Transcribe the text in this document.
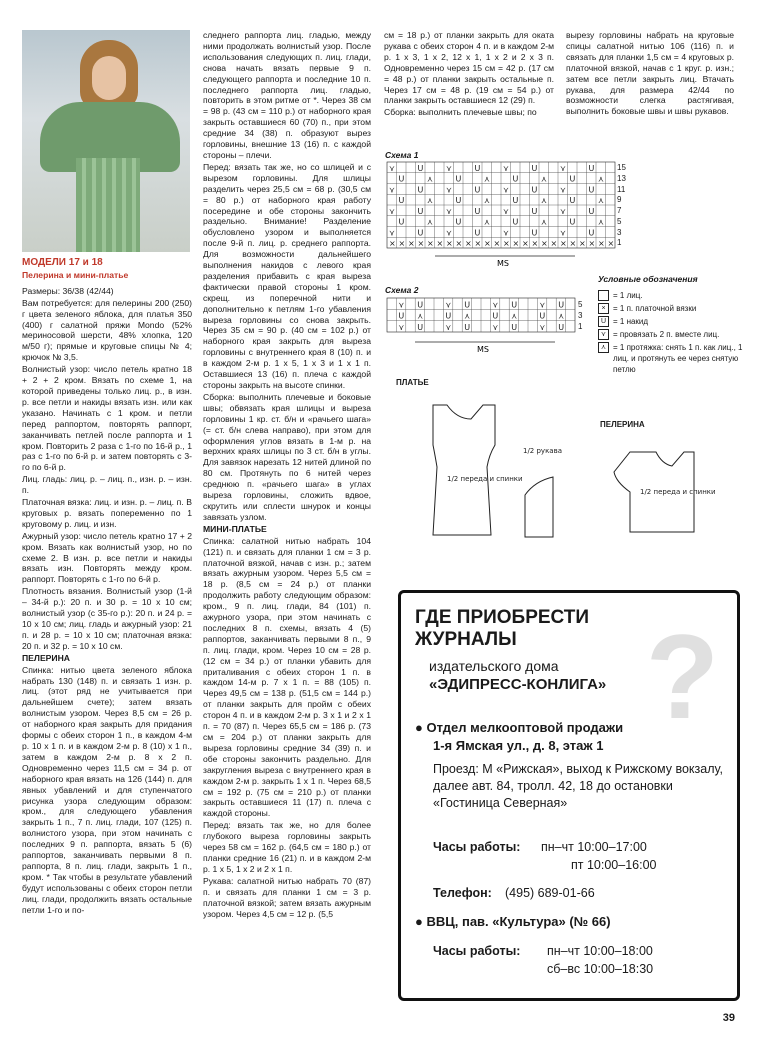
МОДЕЛИ 17 и 18

Пелерина и мини-платье

Размеры: 36/38 (42/44)

Вам потребуется: для пелерины 200 (250) г цвета зеленого яблока, для платья 350 (400) г салатной пряжи Mondo (52% мериносовой шерсти, 48% хлопка, 120 м/50 г); прямые и круговые спицы № 4; крючок № 3,5.

Волнистый узор: число петель кратно 18 + 2 + 2 кром. Вязать по схеме 1, на которой приведены только лиц. р., в изн. р. все петли и накиды вязать изн. или как указано. Начинать с 1 кром. и петли перед раппортом, повторять раппорт, заканчивать петлей после раппорта и 1 кром. Повторить 2 раза с 1-го по 16-й р., 1 раз с 1-го по 6-й р. и затем повторять с 3-го по 6-й р.

Лиц. гладь: лиц. р. – лиц. п., изн. р. – изн. п.

Платочная вязка: лиц. и изн. р. – лиц. п. В круговых р. вязать попеременно по 1 круговому р. лиц. и изн.

Ажурный узор: число петель кратно 17 + 2 кром. Вязать как волнистый узор, но по схеме 2. В изн. р. все петли и накиды вязать изн. Повторять между кром. раппорт. Повторять с 1-го по 6-й р.

Плотность вязания. Волнистый узор (1-й – 34-й р.): 20 п. и 30 р. = 10 х 10 см; волнистый узор (с 35-го р.): 20 п. и 24 р. = 10 х 10 см; лиц. гладь и ажурный узор: 21 п. и 28 р. = 10 х 10 см; платочная вязка: 20 п. и 32 р. = 10 х 10 см.

ПЕЛЕРИНА

Спинка: нитью цвета зеленого яблока набрать 130 (148) п. и связать 1 изн. р. лиц. (этот ряд не учитывается при дальнейшем счете); затем вязать волнистым узором. Через 8,5 см = 26 р. от наборного края закрыть для придания формы с обеих сторон 1 п., в каждом 4-м р. 10 х 1 п. и в каждом 2-м р. 8 (10) х 1 п., затем в каждом 2-м р. 8 х 2 п. Одновременно через 11,5 см = 34 р. от наборного края вязать на 126 (144) п. для явных убавлений и для ступенчатого рисунка узора следующим образом: кром., для следующего убавления закрыть 1 п., 7 п. лиц. глади, 107 (125) п. волнистого узора, при этом начинать с последних 9 п. раппорта, вязать 5 (6) раппортов, заканчивать первыми 8 п. раппорта, 8 п. лиц. глади, закрыть 1 п., кром. * Так чтобы в результате убавлений будут использованы с обеих сторон петли лиц. глади, продолжить вязать остальные петли 1-го и по-

следнего раппорта лиц. гладью, между ними продолжать волнистый узор. После использования следующих п. лиц. глади, снова начать вязать первые 9 п. следующего раппорта и последние 10 п. последнего раппорта лиц. гладью, повторить в этом ритме от *. Через 38 см = 98 р. (43 см = 110 р.) от наборного края закрыть оставшиеся 60 (70) п., при этом средние 34 (38) п. образуют вырез горловины, внешние 13 (16) п. с каждой стороны – плечи.

Перед: вязать так же, но со шлицей и с вырезом горловины. Для шлицы разделить через 25,5 см = 68 р. (30,5 см = 80 р.) от наборного края работу посередине и обе стороны закончить раздельно. Внимание! Разделение обусловлено узором и выполняется после 9-й п. лиц. р. среднего раппорта. Для возможности дальнейшего выполнения накидов с левого края разделения прибавить с края выреза фактически правой стороны 1 кром. скрещ. из поперечной нити и дополнительно к петлям 1-го убавления выреза горловины со снова закрыть. Через 35 см = 90 р. (40 см = 102 р.) от наборного края закрыть для выреза горловины с внутреннего края 8 (10) п. и в каждом 2-м р. 1 х 5, 1 х 3 и 1 х 1 п. Оставшиеся 13 (16) п. плеча с каждой стороны закрыть на высоте спинки.

Сборка: выполнить плечевые и боковые швы; обвязать края шлицы и выреза горловины 1 кр. ст. б/н и «рачьего шага» (= ст. б/н слева направо), при этом для оформления углов вязать в 1-м р. на верхних краях шлицы по 3 ст. б/н в углы. Для завязок нарезать 12 нитей длиной по 80 см. Протянуть по 6 нитей через среднюю п. «рачьего шага» в углах выреза горловины, сложить вдвое, скрутить или сплести шнурок и концы завязать узлом.

МИНИ-ПЛАТЬЕ

Спинка: салатной нитью набрать 104 (121) п. и связать для планки 1 см = 3 р. платочной вязкой, начав с изн. р.; затем вязать ажурным узором. Через 5,5 см = 18 р. (8,5 см = 24 р.) от планки продолжить работу следующим образом: кром., 9 п. лиц. глади, 84 (101) п. ажурного узора, при этом начинать с последних 8 п. схемы, вязать 4 (5) раппортов, заканчивать первыми 8 п., 9 п. лиц. глади, кром. Через 10 см = 28 р. (12 см = 34 р.) от планки убавить для приталивания с обеих сторон 1 п. в каждом 14-м р. 7 х 1 п. = 88 (105) п. Через 49,5 см = 138 р. (51,5 см = 144 р.) от планки закрыть для пройм с обеих сторон 4 п. и в каждом 2-м р. 3 х 1 и 2 х 1 п. = 70 (87) п. Через 65,5 см = 186 р. (73 см = 204 р.) от планки закрыть для выреза горловины средние 34 (39) п. и обе стороны закончить раздельно. Для закругления выреза с внутреннего края в каждом 2-м р. закрыть 1 х 1 п. Через 68,5 см = 192 р. (75 см = 210 р.) от планки закрыть оставшиеся 11 (17) п. плеча с каждой стороны.

Перед: вязать так же, но для более глубокого выреза горловины закрыть через 58 см = 162 р. (64,5 см = 180 р.) от планки средние 16 (21) п. и в каждом 2-м р. 1 х 5, 1 х 2 и 2 х 1 п.

Рукава: салатной нитью набрать 70 (87) п. и связать для планки 1 см = 3 р. платочной вязкой; затем вязать ажурным узором. Через 4,5 см = 12 р. (5,5

см = 18 р.) от планки закрыть для оката рукава с обеих сторон 4 п. и в каждом 2-м р. 1 х 3, 1 х 2, 12 х 1, 1 х 2 и 2 х 3 п. Одновременно через 15 см = 42 р. (17 см = 48 р.) от планки закрыть остальные п. Через 17 см = 48 р. (19 см = 54 р.) от планки закрыть оставшиеся 12 (29) п.

Сборка: выполнить плечевые швы; по

вырезу горловины набрать на круговые спицы салатной нитью 106 (116) п. и связать для планки 1,5 см = 4 круговых р. платочной вязкой, начав с 1 круг. р. изн.; затем все петли закрыть лиц. Втачать рукава, для размера 42/44 по возможности слегка растягивая, выполнить боковые швы и швы рукавов.

Схема 1
⋎	U	⋎	U	⋎	U	⋎	U
U	⋏	U	⋏	U	⋏	U	⋏
⋎	U	⋎	U	⋎	U	⋎	U
U	⋏	U	⋏	U	⋏	U	⋏
⋎	U	⋎	U	⋎	U	⋎	U
U	⋏	U	⋏	U	⋏	U	⋏
⋎	U	⋎	U	⋎	U	⋎	U
× × × × × × × × × × × × × × × × × × × × × × × ×
MS
15
13
11
9
7
5
3
1
Схема 2
⋎ U	⋎ U	⋎ U	⋎ U
U ⋏	U ⋏	U ⋏	U ⋏
⋎ U	⋎ U	⋎ U	⋎ U
MS
5
3
1
Условные обозначения
= 1 лиц.
× = 1 п. платочной вязки
U = 1 накид
⋎ = провязать 2 п. вместе лиц.
⋏ = 1 протяжка: снять 1 п. как лиц., 1 лиц. и протянуть ее через снятую петлю
ПЛАТЬЕ
1/2 переда и спинки
1/2 рукава
ПЕЛЕРИНА
1/2 переда и спинки
?
ГДЕ ПРИОБРЕСТИ
ЖУРНАЛЫ
издательского дома
«ЭДИПРЕСС-КОНЛИГА»
● Отдел мелкооптовой продажи
1-я Ямская ул., д. 8, этаж 1
Проезд: М «Рижская», выход к Рижскому вокзалу, далее авт. 84, тролл. 42, 18 до остановки «Гостиница Северная»
Часы работы: пн–чт 10:00–17:00
пт 10:00–16:00
Телефон: (495) 689-01-66
● ВВЦ, пав. «Культура» (№ 66)
Часы работы: пн–чт 10:00–18:00
сб–вс 10:00–18:30
39
